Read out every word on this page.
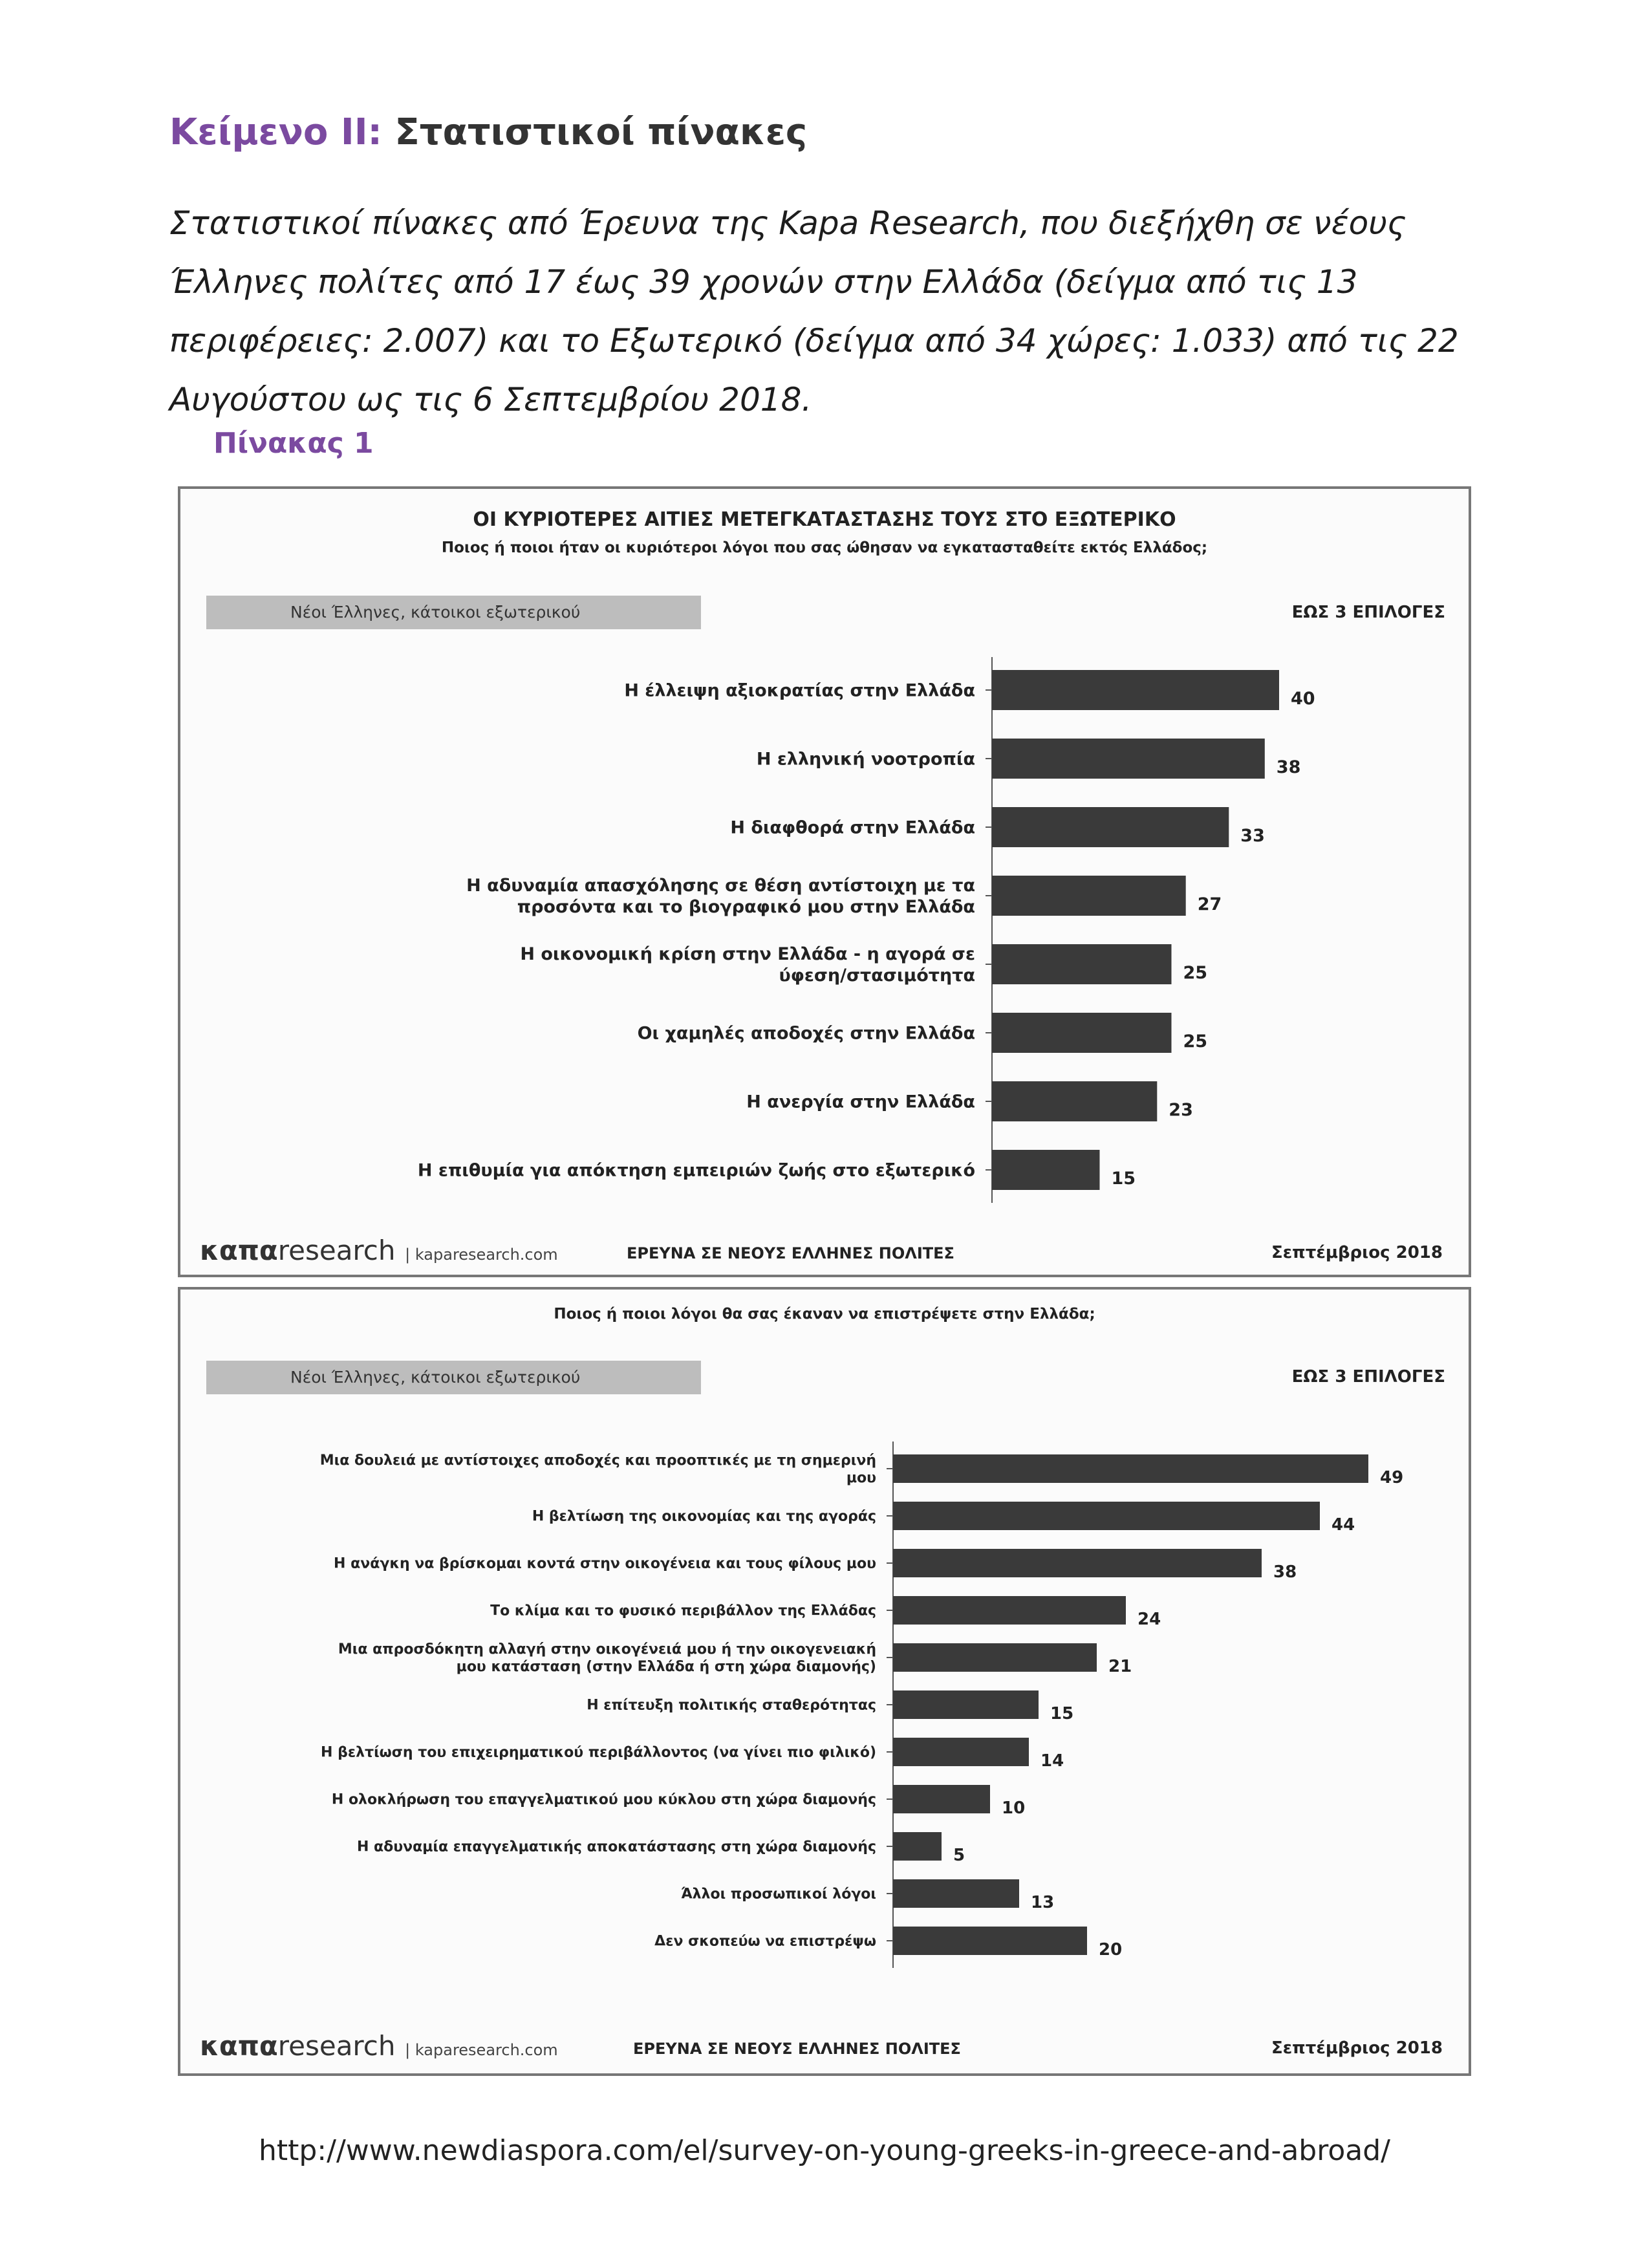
Κείμενο ΙΙ: Στατιστικοί πίνακες

Στατιστικοί πίνακες από Έρευνα της Kapa Research, που διεξήχθη σε νέους Έλληνες πολίτες από 17 έως 39 χρονών στην Ελλάδα (δείγμα από τις 13 περιφέρειες: 2.007) και το Εξωτερικό (δείγμα από 34 χώρες: 1.033) από τις 22 Αυγούστου ως τις 6 Σεπτεμβρίου 2018.

Πίνακας 1
ΟΙ ΚΥΡΙΟΤΕΡΕΣ ΑΙΤΙΕΣ ΜΕΤΕΓΚΑΤΑΣΤΑΣΗΣ ΤΟΥΣ ΣΤΟ ΕΞΩΤΕΡΙΚΟ
Ποιος ή ποιοι ήταν οι κυριότεροι λόγοι που σας ώθησαν να εγκατασταθείτε εκτός Ελλάδος;
Νέοι Έλληνες, κάτοικοι εξωτερικού	ΕΩΣ 3 ΕΠΙΛΟΓΕΣ
40
Η έλλειψη αξιοκρατίας στην Ελλάδα
38
Η ελληνική νοοτροπία
33
Η διαφθορά στην Ελλάδα
27
Η αδυναμία απασχόλησης σε θέση αντίστοιχη με τα
προσόντα και το βιογραφικό μου στην Ελλάδα
25
Η οικονομική κρίση στην Ελλάδα - η αγορά σε
ύφεση/στασιμότητα
25
Οι χαμηλές αποδοχές στην Ελλάδα
23
Η ανεργία στην Ελλάδα
15
Η επιθυμία για απόκτηση εμπειριών ζωής στο εξωτερικό
καπαresearch | kaparesearch.com	ΕΡΕΥΝΑ ΣΕ ΝΕΟΥΣ ΕΛΛΗΝΕΣ ΠΟΛΙΤΕΣ	Σεπτέμβριος 2018
Ποιος ή ποιοι λόγοι θα σας έκαναν να επιστρέψετε στην Ελλάδα;
Νέοι Έλληνες, κάτοικοι εξωτερικού	ΕΩΣ 3 ΕΠΙΛΟΓΕΣ
49
Μια δουλειά με αντίστοιχες αποδοχές και προοπτικές με τη σημερινή
μου
44
Η βελτίωση της οικονομίας και της αγοράς
38
Η ανάγκη να βρίσκομαι κοντά στην οικογένεια και τους φίλους μου
24
Το κλίμα και το φυσικό περιβάλλον της Ελλάδας
21
Μια απροσδόκητη αλλαγή στην οικογένειά μου ή την οικογενειακή
μου κατάσταση (στην Ελλάδα ή στη χώρα διαμονής)
15
Η επίτευξη πολιτικής σταθερότητας
14
Η βελτίωση του επιχειρηματικού περιβάλλοντος (να γίνει πιο φιλικό)
10
Η ολοκλήρωση του επαγγελματικού μου κύκλου στη χώρα διαμονής
5
Η αδυναμία επαγγελματικής αποκατάστασης στη χώρα διαμονής
13
Άλλοι προσωπικοί λόγοι
20
Δεν σκοπεύω να επιστρέψω
καπαresearch | kaparesearch.com	ΕΡΕΥΝΑ ΣΕ ΝΕΟΥΣ ΕΛΛΗΝΕΣ ΠΟΛΙΤΕΣ	Σεπτέμβριος 2018
http://www.newdiaspora.com/el/survey-on-young-greeks-in-greece-and-abroad/
